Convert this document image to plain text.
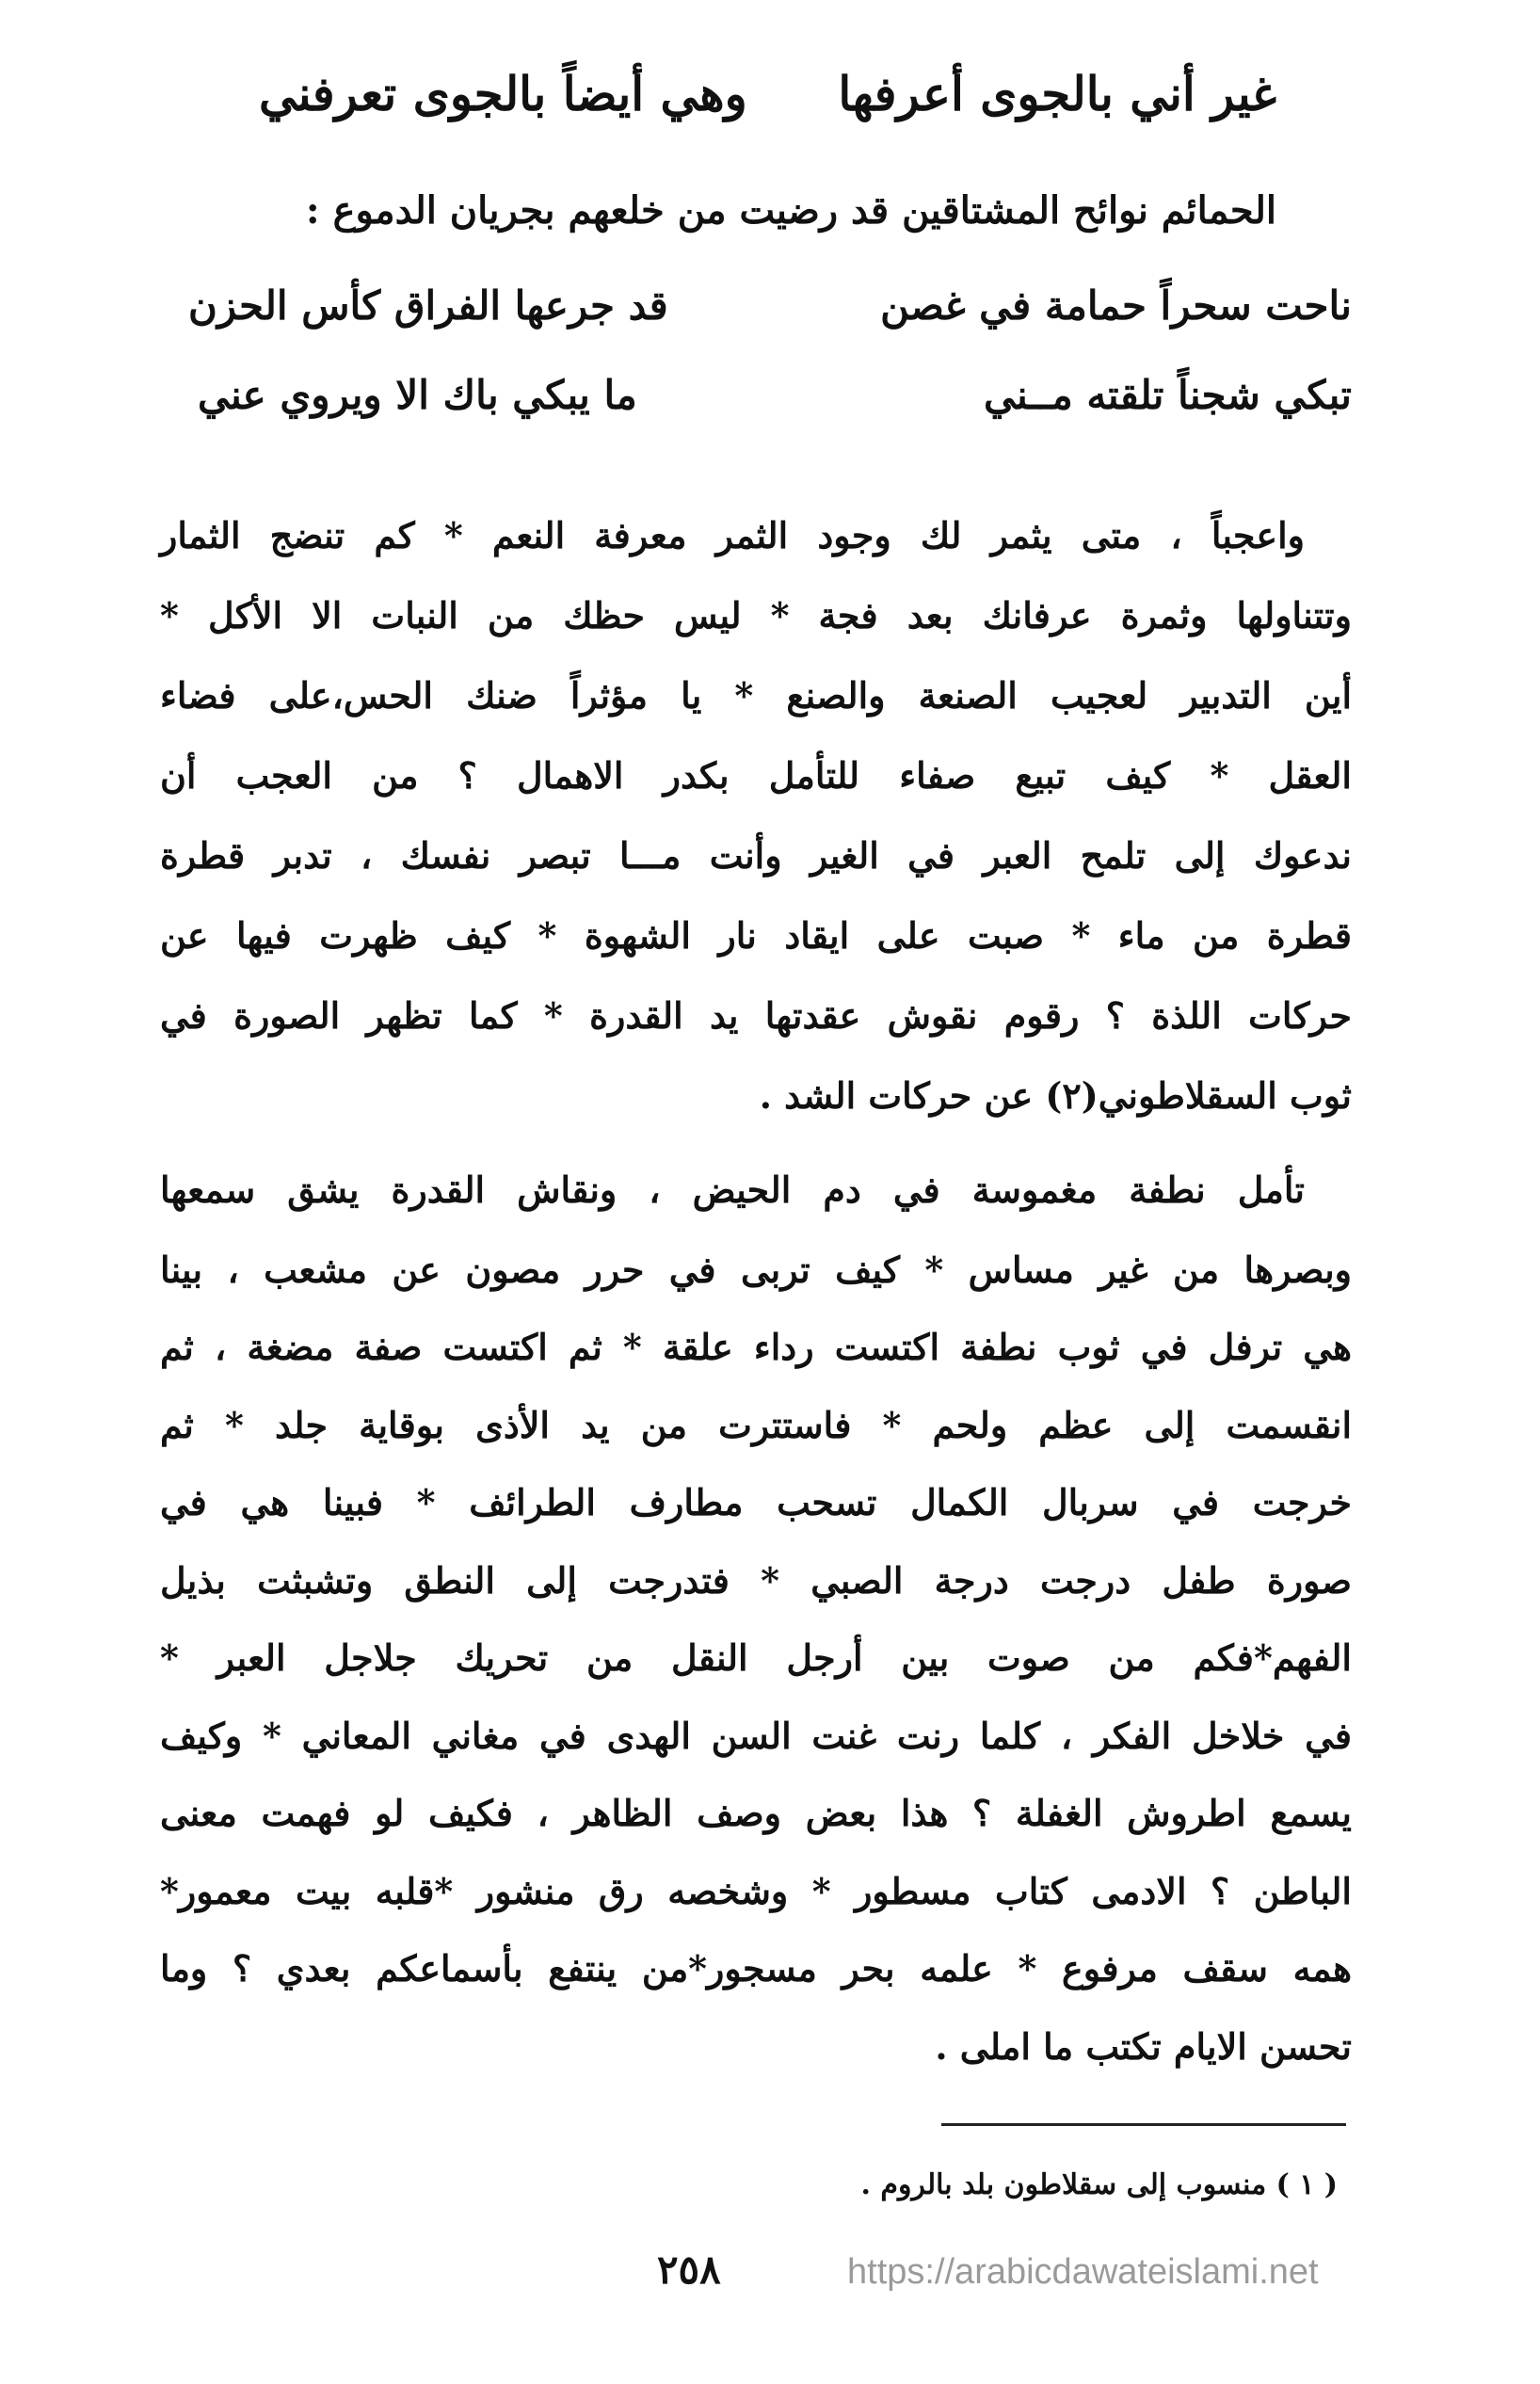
غير أني بالجوى أعرفها
وهي أيضاً بالجوى تعرفني
الحمائم نوائح المشتاقين قد رضيت من خلعهم بجريان الدموع :
ناحت سحراً حمامة في غصن
قد جرعها الفراق كأس الحزن
تبكي شجناً تلقته مــني
ما يبكي باك الا ويروي عني
واعجباً ، متى يثمر لك وجود الثمر معرفة النعم * كم تنضج الثمار
وتتناولها وثمرة عرفانك بعد فجة * ليس حظك من النبات الا الأكل *
أين التدبير لعجيب الصنعة والصنع * يا مؤثراً ضنك الحس،على فضاء
العقل * كيف تبيع صفاء للتأمل بكدر الاهمال ؟ من العجب أن
ندعوك إلى تلمح العبر في الغير وأنت مـــا تبصر نفسك ، تدبر قطرة
قطرة من ماء * صبت على ايقاد نار الشهوة * كيف ظهرت فيها عن
حركات اللذة ؟ رقوم نقوش عقدتها يد القدرة * كما تظهر الصورة في
ثوب السقلاطوني(٢) عن حركات الشد .
تأمل نطفة مغموسة في دم الحيض ، ونقاش القدرة يشق سمعها
وبصرها من غير مساس * كيف تربى في حرر مصون عن مشعب ، بينا
هي ترفل في ثوب نطفة اكتست رداء علقة * ثم اكتست صفة مضغة ، ثم
انقسمت إلى عظم ولحم * فاستترت من يد الأذى بوقاية جلد * ثم
خرجت في سربال الكمال تسحب مطارف الطرائف * فبينا هي في
صورة طفل درجت درجة الصبي * فتدرجت إلى النطق وتشبثت بذيل
الفهم*فكم من صوت بين أرجل النقل من تحريك جلاجل العبر *
في خلاخل الفكر ، كلما رنت غنت السن الهدى في مغاني المعاني * وكيف
يسمع اطروش الغفلة ؟ هذا بعض وصف الظاهر ، فكيف لو فهمت معنى
الباطن ؟ الادمى كتاب مسطور * وشخصه رق منشور *قلبه بيت معمور*
همه سقف مرفوع * علمه بحر مسجور*من ينتفع بأسماعكم بعدي ؟ وما
تحسن الايام تكتب ما املى .
( ١ ) منسوب إلى سقلاطون بلد بالروم .
٢٥٨	https://arabicdawateislami.net
